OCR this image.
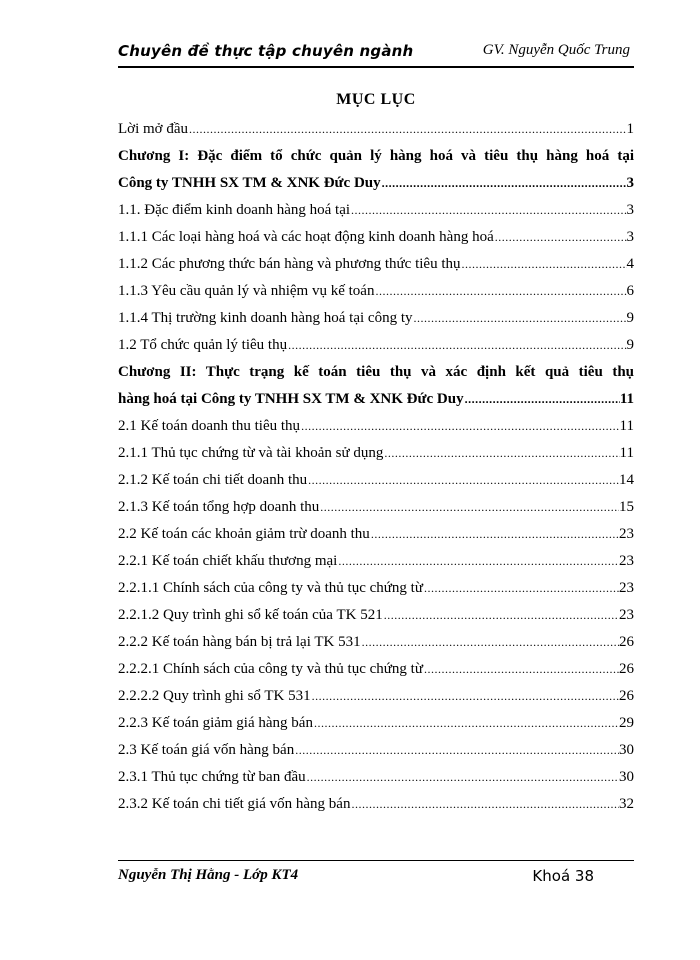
Chuyên đề thực tập chuyên ngành	GV. Nguyễn Quốc Trung
MỤC LỤC
Lời mở đầu .....	1
Chương I: Đặc điểm tổ chức quản lý hàng hoá và tiêu thụ hàng hoá tại
Công ty TNHH SX TM & XNK Đức Duy .....	3
1.1. Đặc điểm kinh doanh hàng hoá tại .....	3
1.1.1 Các loại hàng hoá và các hoạt động kinh doanh hàng hoá .....	3
1.1.2 Các phương thức bán hàng và phương thức tiêu thụ .....	4
1.1.3 Yêu cầu quản lý và nhiệm vụ kế toán .....	6
1.1.4 Thị trường kinh doanh hàng hoá tại công ty .....	9
1.2 Tổ chức quản lý tiêu thụ .....	9
Chương II: Thực trạng kế toán tiêu thụ và xác định kết quả tiêu thụ
hàng hoá tại Công ty TNHH SX TM & XNK Đức Duy .....	11
2.1 Kế toán doanh thu tiêu thụ .....	11
2.1.1 Thủ tục chứng từ và tài khoản sử dụng .....	11
2.1.2 Kế toán chi tiết doanh thu .....	14
2.1.3 Kế toán tổng hợp doanh thu .....	15
2.2 Kế toán các khoản giảm trừ doanh thu .....	23
2.2.1 Kế toán chiết khấu thương mại .....	23
2.2.1.1 Chính sách của công ty và thủ tục chứng từ .....	23
2.2.1.2 Quy trình ghi sổ kế toán của TK 521 .....	23
2.2.2 Kế toán hàng bán bị trả lại TK 531 .....	26
2.2.2.1 Chính sách của công ty và thủ tục chứng từ .....	26
2.2.2.2 Quy trình ghi sổ TK 531 .....	26
2.2.3 Kế toán giảm giá hàng bán .....	29
2.3 Kế toán giá vốn hàng bán .....	30
2.3.1 Thủ tục chứng từ ban đầu .....	30
2.3.2 Kế toán chi tiết giá vốn hàng bán .....	32
Nguyễn Thị Hằng - Lớp KT4	Khoá 38
